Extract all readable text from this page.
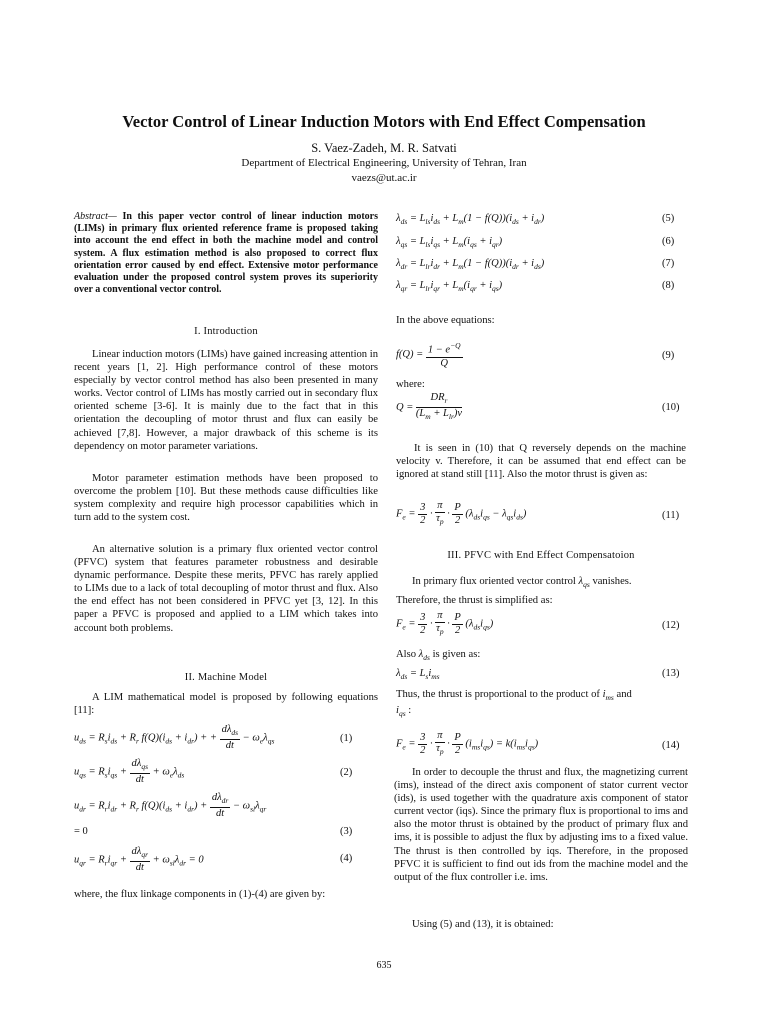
Vector Control of Linear Induction Motors with End Effect Compensation
S. Vaez-Zadeh, M. R. Satvati
Department of Electrical Engineering, University of Tehran, Iran
vaezs@ut.ac.ir
Abstract— In this paper vector control of linear induction motors (LIMs) in primary flux oriented reference frame is proposed taking into account the end effect in both the machine model and control system. A flux estimation method is also proposed to correct flux orientation error caused by end effect. Extensive motor performance evaluation under the proposed control system proves its superiority over a conventional vector control.
I. Introduction
Linear induction motors (LIMs) have gained increasing attention in recent years [1, 2]. High performance control of these motors especially by vector control method has also been presented in many works. Vector control of LIMs has mostly carried out in secondary flux oriented scheme [3-6]. It is mainly due to the fact that in this orientation the decoupling of motor thrust and flux can easily be achieved [7,8]. However, a major drawback of this scheme is its dependency on motor parameter variations.
Motor parameter estimation methods have been proposed to overcome the problem [10]. But these methods cause difficulties like system complexity and require high processor capabilities which in turn add to the system cost.
An alternative solution is a primary flux oriented vector control (PFVC) system that features parameter robustness and desirable dynamic performance. Despite these merits, PFVC has rarely applied to LIMs due to a lack of total decoupling of motor thrust and flux. Also the end effect has not been considered in PFVC yet [3, 12]. In this paper a PFVC is proposed and applied to a LIM which takes into account both problems.
II. Machine Model
A LIM mathematical model is proposed by following equations [11]:
$u_{ds} = R_si_{ds} + R_r$ $f(Q)(i_{ds} + i_{dr})$ + + $\frac{d\lambda_{ds}}{dt} - \omega_e\lambda_{qs}$	(1)
$u_{qs} = R_si_{qs} + \frac{d\lambda_{qs}}{dt} + \omega_e\lambda_{ds}$	(2)
$u_{dr} = R_ri_{dr} + R_r$ $f(Q)(i_{ds} + i_{dr}) + \frac{d\lambda_{dr}}{dt} - \omega_{sl}\lambda_{qr}$
= 0	(3)
$u_{qr} = R_ri_{qr} + \frac{d\lambda_{qr}}{dt} + \omega_{sl}\lambda_{dr} = 0$	(4)
where, the flux linkage components in (1)-(4) are given by:
$\lambda_{ds} = L_{ls}i_{ds} + L_m(1 - f(Q))(i_{ds} + i_{dr})$	(5)
$\lambda_{qs} = L_{ls}i_{qs} + L_m(i_{qs} + i_{qr})$	(6)
$\lambda_{dr} = L_{lr}i_{dr} + L_m(1 - f(Q))(i_{dr} + i_{ds})$	(7)
$\lambda_{qr} = L_{lr}i_{qr} + L_m(i_{qr} + i_{qs})$	(8)
In the above equations:
$f(Q) = \frac{1 - e^{-Q}}{Q}$	(9)
where:
$Q = \frac{DR_r}{(L_m + L_{lr})v}$	(10)
It is seen in (10) that Q reversely depends on the machine velocity v. Therefore, it can be assumed that end effect can be ignored at stand still [11]. Also the motor thrust is given as:
$F_e = \frac{3}{2} \cdot \frac{\pi}{\tau_p} \cdot \frac{P}{2} (\lambda_{ds}i_{qs} - \lambda_{qs}i_{ds})$	(11)
III. PFVC with End Effect Compensatoion
In primary flux oriented vector control $\lambda_{qs}$ vanishes.
Therefore, the thrust is simplified as:
$F_e = \frac{3}{2} \cdot \frac{\pi}{\tau_p} \cdot \frac{P}{2} (\lambda_{ds}i_{qs})$	(12)
Also $\lambda_{ds}$ is given as:
$\lambda_{ds} = L_si_{ms}$	(13)
Thus, the thrust is proportional to the product of $i_{ms}$ and
$i_{qs}$ :
$F_e = \frac{3}{2} \cdot \frac{\pi}{\tau_p} \cdot \frac{P}{2} (i_{ms}i_{qs}) = k(i_{ms}i_{qs})$	(14)
In order to decouple the thrust and flux, the magnetizing current (ims), instead of the direct axis component of stator current vector (ids), is used together with the quadrature axis component of stator current vector (iqs). Since the primary flux is proportional to ims and also the motor thrust is obtained by the product of primary flux and ims, it is possible to adjust the flux by adjusting ims to a fixed value. The thrust is then controlled by iqs. Therefore, in the proposed PFVC it is sufficient to find out ids from the machine model and the output of the flux controller i.e. ims.
Using (5) and (13), it is obtained:
635
